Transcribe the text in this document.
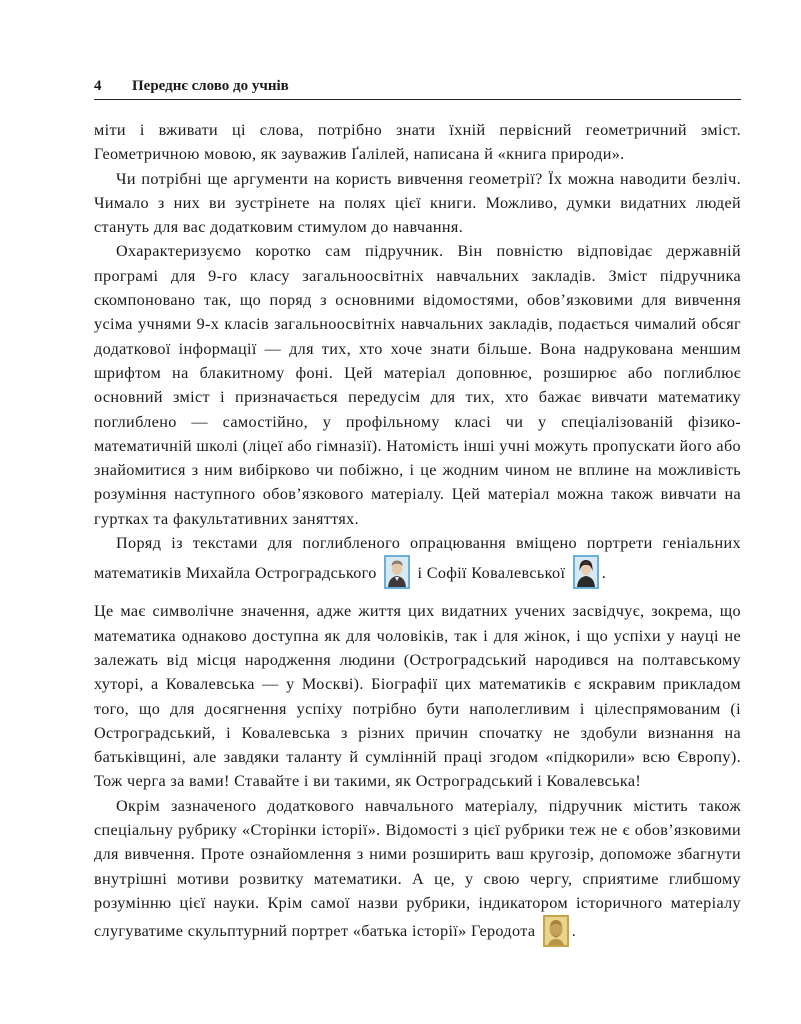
4 Переднє слово до учнів

міти і вживати ці слова, потрібно знати їхній первісний геометричний зміст. Геометричною мовою, як зауважив Ґалілей, написана й «книга природи».

Чи потрібні ще аргументи на користь вивчення геометрії? Їх можна наводити безліч. Чимало з них ви зустрінете на полях цієї книги. Можливо, думки видатних людей стануть для вас додатковим стимулом до навчання.

Охарактеризуємо коротко сам підручник. Він повністю відповідає державній програмі для 9-го класу загальноосвітніх навчальних закладів. Зміст підручника скомпоновано так, що поряд з основними відомостями, обов’язковими для вивчення усіма учнями 9-х класів загальноосвітніх навчальних закладів, подається чималий обсяг додаткової інформації — для тих, хто хоче знати більше. Вона надрукована меншим шрифтом на блакитному фоні. Цей матеріал доповнює, розширює або поглиблює основний зміст і призначається передусім для тих, хто бажає вивчати математику поглиблено — самостійно, у профільному класі чи у спеціалізованій фізико-математичній школі (ліцеї або гімназії). Натомість інші учні можуть пропускати його або знайомитися з ним вибірково чи побіжно, і це жодним чином не вплине на можливість розуміння наступного обов’язкового матеріалу. Цей матеріал можна також вивчати на гуртках та факультативних заняттях.

Поряд із текстами для поглибленого опрацювання вміщено портрети геніальних математиків Михайла Остроградського	і Софії Ковалевської .

Це має символічне значення, адже життя цих видатних учених засвідчує, зокрема, що математика однаково доступна як для чоловіків, так і для жінок, і що успіхи у науці не залежать від місця народження людини (Остроградський народився на полтавському хуторі, а Ковалевська — у Москві). Біографії цих математиків є яскравим прикладом того, що для досягнення успіху потрібно бути наполегливим і цілеспрямованим (і Остроградський, і Ковалевська з різних причин спочатку не здобули визнання на батьківщині, але завдяки таланту й сумлінній праці згодом «підкорили» всю Європу). Тож черга за вами! Ставайте і ви такими, як Остроградський і Ковалевська!

Окрім зазначеного додаткового навчального матеріалу, підручник містить також спеціальну рубрику «Сторінки історії». Відомості з цієї рубрики теж не є обов’язковими для вивчення. Проте ознайомлення з ними розширить ваш кругозір, допоможе збагнути внутрішні мотиви розвитку математики. А це, у свою чергу, сприятиме глибшому розумінню цієї науки. Крім самої назви рубрики, індикатором історичного матеріалу слугуватиме скульптурний портрет «батька історії» Геродота .
